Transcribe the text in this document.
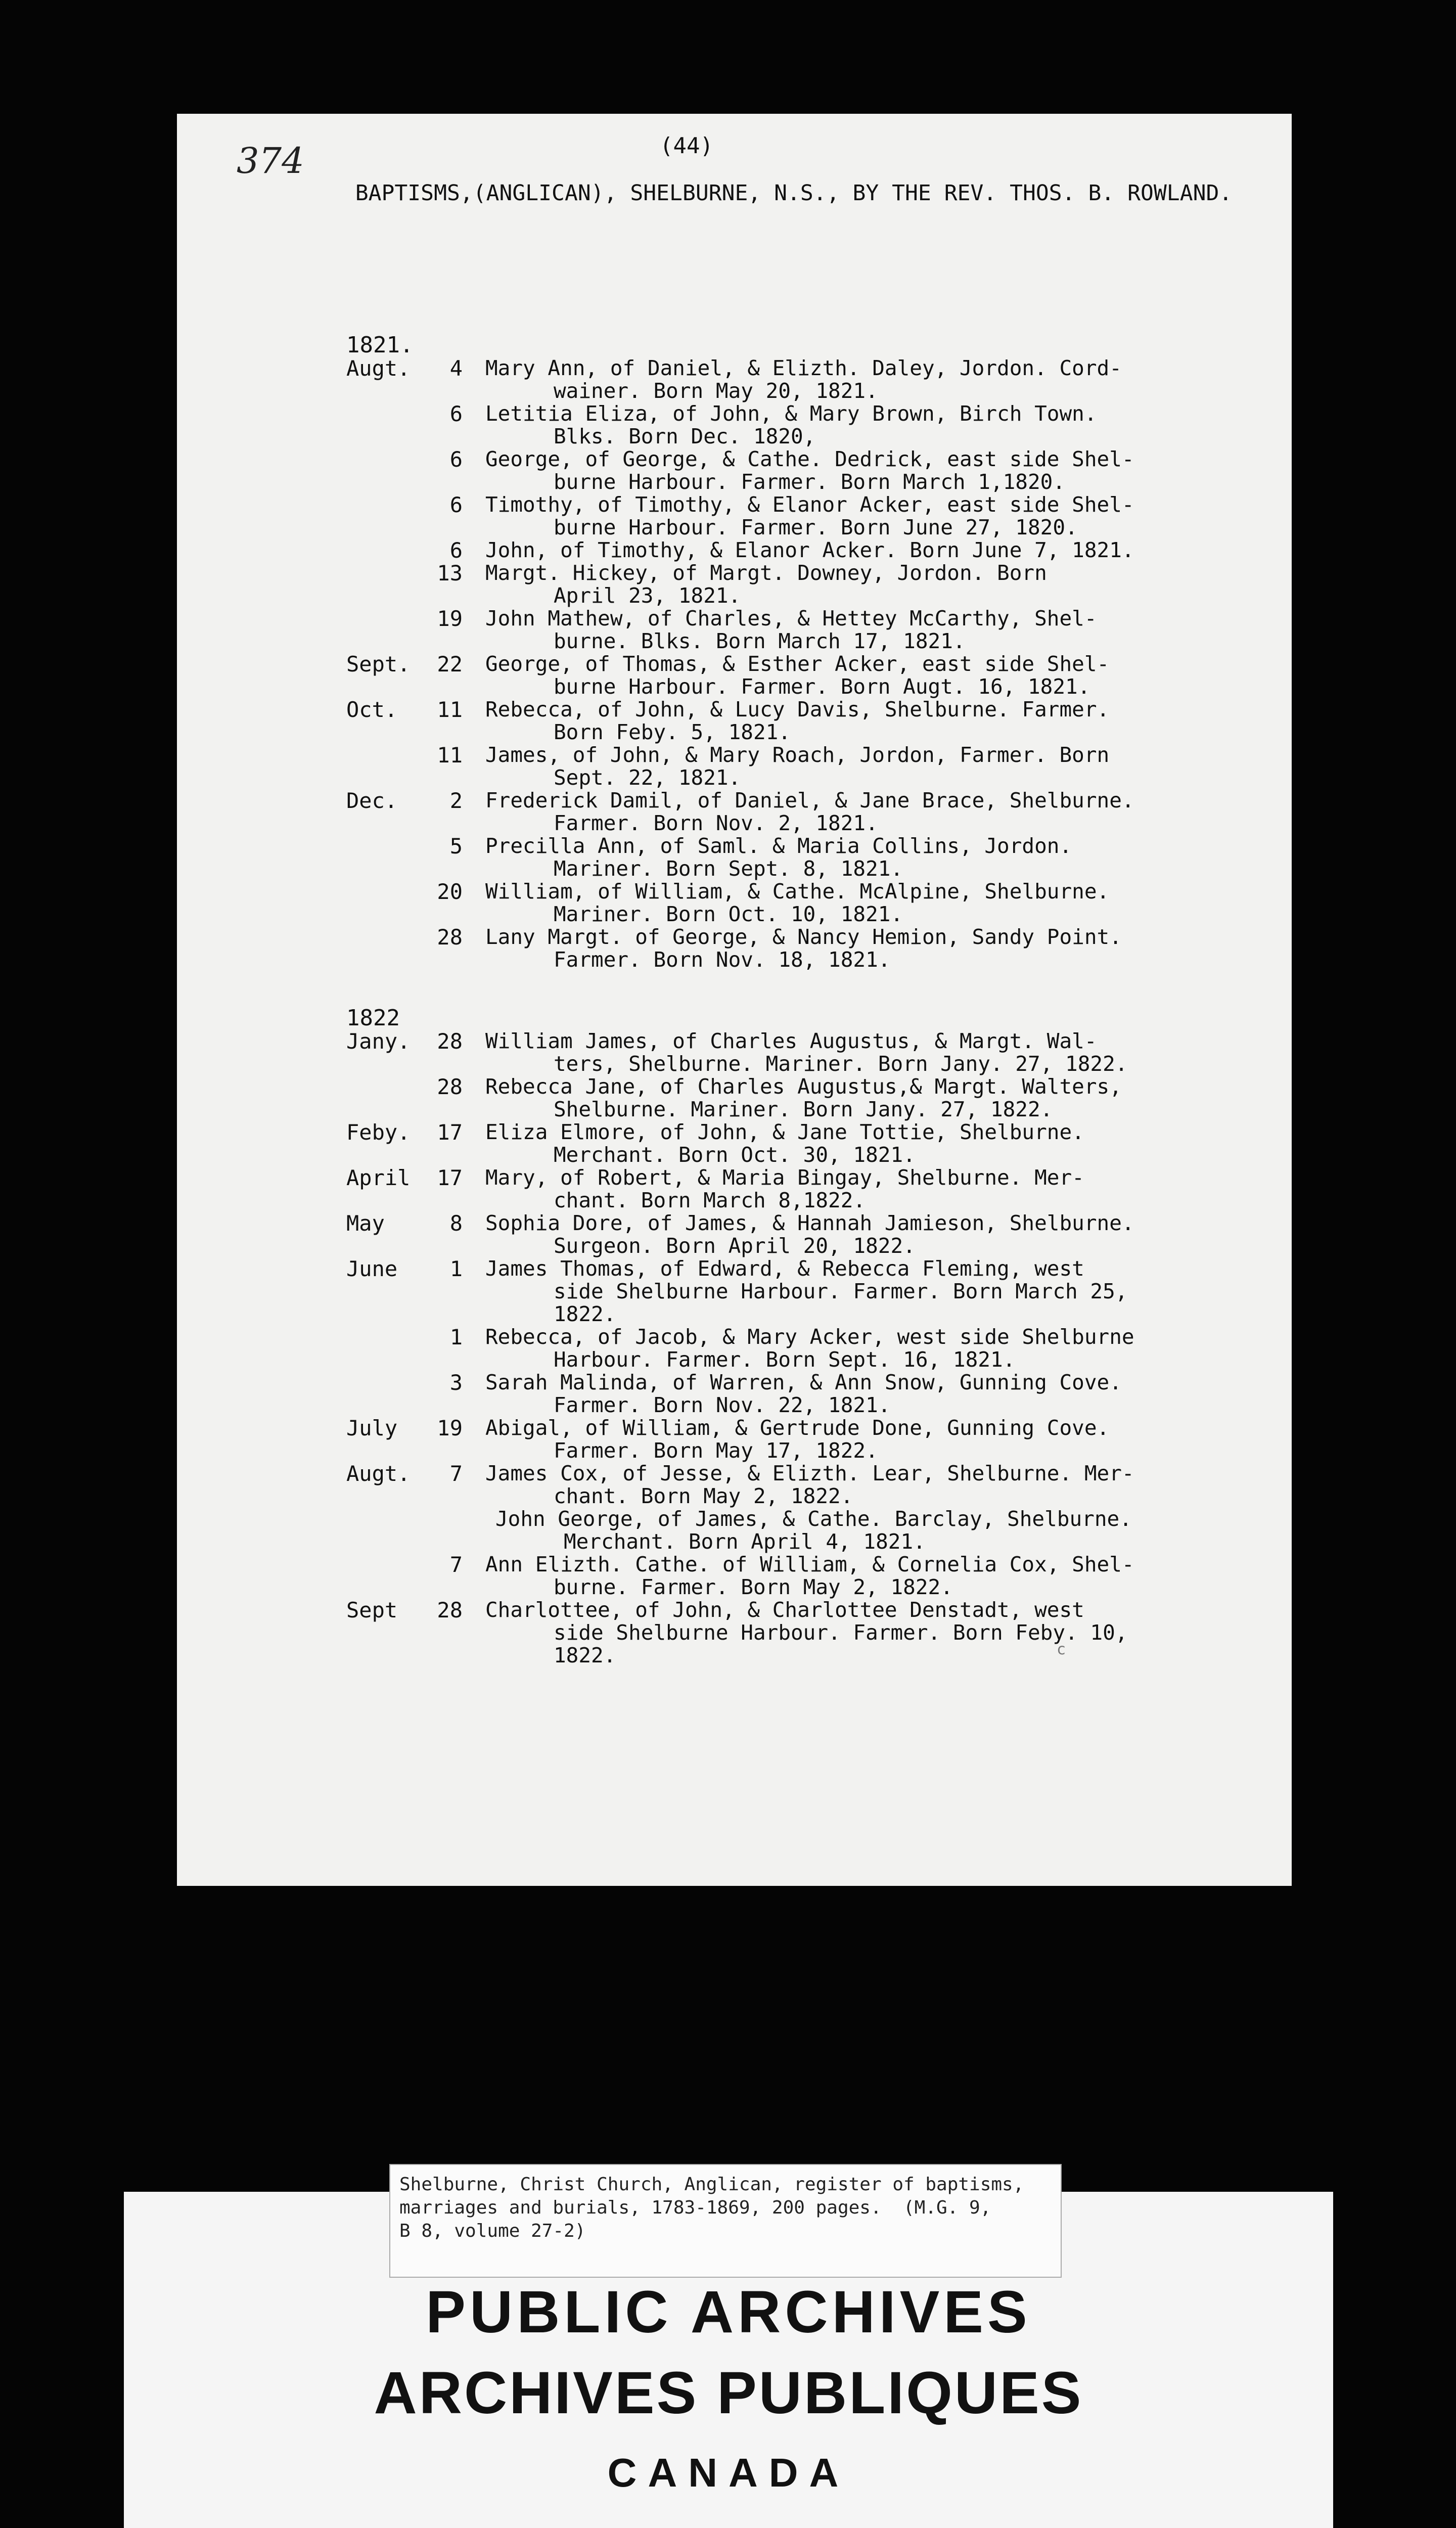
374	(44)
BAPTISMS,(ANGLICAN), SHELBURNE, N.S., BY THE REV. THOS. B. ROWLAND.
1821.
Augt.	4 Mary Ann, of Daniel, & Elizth. Daley, Jordon. Cord-
wainer. Born May 20, 1821.
6 Letitia Eliza, of John, & Mary Brown, Birch Town.
Blks. Born Dec. 1820,
6 George, of George, & Cathe. Dedrick, east side Shel-
burne Harbour. Farmer. Born March 1,1820.
6 Timothy, of Timothy, & Elanor Acker, east side Shel-
burne Harbour. Farmer. Born June 27, 1820.
6 John, of Timothy, & Elanor Acker. Born June 7, 1821.
13 Margt. Hickey, of Margt. Downey, Jordon. Born
April 23, 1821.
19 John Mathew, of Charles, & Hettey McCarthy, Shel-
burne. Blks. Born March 17, 1821.
Sept.	22 George, of Thomas, & Esther Acker, east side Shel-
burne Harbour. Farmer. Born Augt. 16, 1821.
Oct.	11 Rebecca, of John, & Lucy Davis, Shelburne. Farmer.
Born Feby. 5, 1821.
11 James, of John, & Mary Roach, Jordon, Farmer. Born
Sept. 22, 1821.
Dec.	2 Frederick Damil, of Daniel, & Jane Brace, Shelburne.
Farmer. Born Nov. 2, 1821.
5 Precilla Ann, of Saml. & Maria Collins, Jordon.
Mariner. Born Sept. 8, 1821.
20 William, of William, & Cathe. McAlpine, Shelburne.
Mariner. Born Oct. 10, 1821.
28 Lany Margt. of George, & Nancy Hemion, Sandy Point.
Farmer. Born Nov. 18, 1821.
1822
Jany.	28 William James, of Charles Augustus, & Margt. Wal-
ters, Shelburne. Mariner. Born Jany. 27, 1822.
28 Rebecca Jane, of Charles Augustus,& Margt. Walters,
Shelburne. Mariner. Born Jany. 27, 1822.
Feby.	17 Eliza Elmore, of John, & Jane Tottie, Shelburne.
Merchant. Born Oct. 30, 1821.
April	17 Mary, of Robert, & Maria Bingay, Shelburne. Mer-
chant. Born March 8,1822.
May	8 Sophia Dore, of James, & Hannah Jamieson, Shelburne.
Surgeon. Born April 20, 1822.
June	1 James Thomas, of Edward, & Rebecca Fleming, west
side Shelburne Harbour. Farmer. Born March 25,
1822.
1 Rebecca, of Jacob, & Mary Acker, west side Shelburne
Harbour. Farmer. Born Sept. 16, 1821.
3 Sarah Malinda, of Warren, & Ann Snow, Gunning Cove.
Farmer. Born Nov. 22, 1821.
July	19 Abigal, of William, & Gertrude Done, Gunning Cove.
Farmer. Born May 17, 1822.
Augt.	7 James Cox, of Jesse, & Elizth. Lear, Shelburne. Mer-
chant. Born May 2, 1822.
John George, of James, & Cathe. Barclay, Shelburne.
Merchant. Born April 4, 1821.
7 Ann Elizth. Cathe. of William, & Cornelia Cox, Shel-
burne. Farmer. Born May 2, 1822.
Sept	28 Charlottee, of John, & Charlottee Denstadt, west
side Shelburne Harbour. Farmer. Born Feby. 10,
1822.	c
Shelburne, Christ Church, Anglican, register of baptisms,
marriages and burials, 1783-1869, 200 pages.  (M.G. 9,
B 8, volume 27-2)
PUBLIC ARCHIVES
ARCHIVES PUBLIQUES
CANADA
